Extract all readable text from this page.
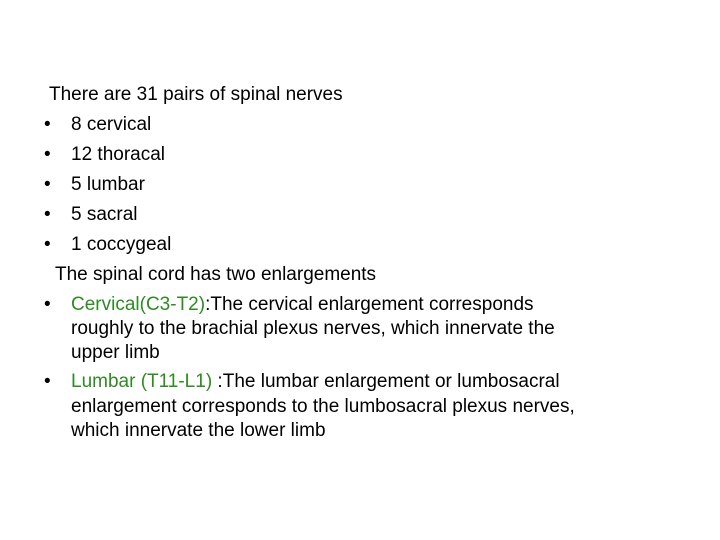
There are 31 pairs of spinal nerves
• 8 cervical
• 12 thoracal
• 5 lumbar
• 5 sacral
• 1 coccygeal
The spinal cord has two enlargements
• Cervical(C3-T2):The cervical enlargement corresponds
roughly to the brachial plexus nerves, which innervate the
upper limb
• Lumbar (T11-L1) :The lumbar enlargement or lumbosacral
enlargement corresponds to the lumbosacral plexus nerves,
which innervate the lower limb
